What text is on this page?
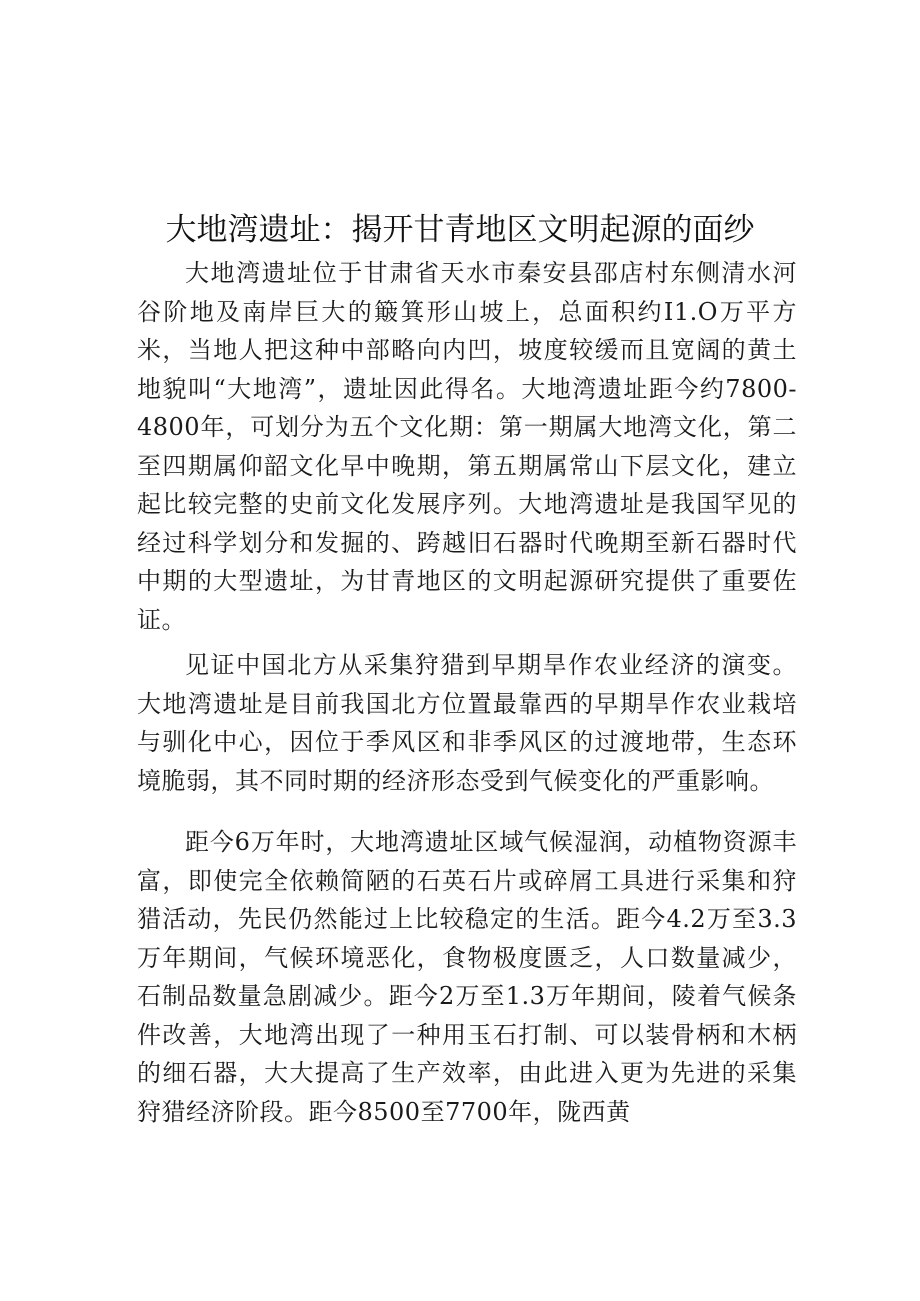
大地湾遗址：揭开甘青地区文明起源的面纱

大地湾遗址位于甘肃省天水市秦安县邵店村东侧清水河谷阶地及南岸巨大的簸箕形山坡上，总面积约I1.O万平方米，当地人把这种中部略向内凹，坡度较缓而且宽阔的黄土地貌叫“大地湾”，遗址因此得名。大地湾遗址距今约7800-4800年，可划分为五个文化期：第一期属大地湾文化，第二至四期属仰韶文化早中晚期，第五期属常山下层文化，建立起比较完整的史前文化发展序列。大地湾遗址是我国罕见的经过科学划分和发掘的、跨越旧石器时代晚期至新石器时代中期的大型遗址，为甘青地区的文明起源研究提供了重要佐证。

见证中国北方从采集狩猎到早期旱作农业经济的演变。大地湾遗址是目前我国北方位置最靠西的早期旱作农业栽培与驯化中心，因位于季风区和非季风区的过渡地带，生态环境脆弱，其不同时期的经济形态受到气候变化的严重影响。

距今6万年时，大地湾遗址区域气候湿润，动植物资源丰富，即使完全依赖简陋的石英石片或碎屑工具进行采集和狩猎活动，先民仍然能过上比较稳定的生活。距今4.2万至3.3万年期间，气候环境恶化，食物极度匮乏，人口数量减少，石制品数量急剧减少。距今2万至1.3万年期间，陵着气候条件改善，大地湾出现了一种用玉石打制、可以装骨柄和木柄的细石器，大大提高了生产效率，由此进入更为先进的采集狩猎经济阶段。距今8500至7700年，陇西黄
